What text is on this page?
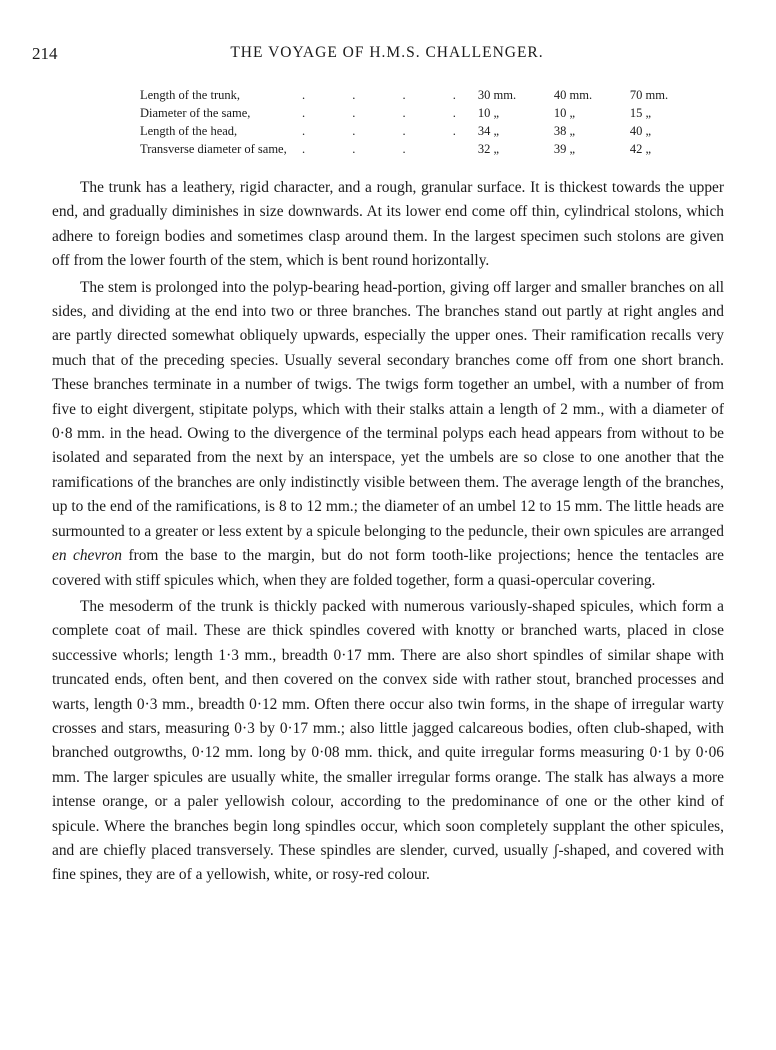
214	THE VOYAGE OF H.M.S. CHALLENGER.
Length of the trunk,	. . . .	30 mm.	40 mm.	70 mm.
Diameter of the same,	. . . .	10 „	10 „	15 „
Length of the head,	. . . .	34 „	38 „	40 „
Transverse diameter of same,	. . .	32 „	39 „	42 „

The trunk has a leathery, rigid character, and a rough, granular surface. It is thickest towards the upper end, and gradually diminishes in size downwards. At its lower end come off thin, cylindrical stolons, which adhere to foreign bodies and sometimes clasp around them. In the largest specimen such stolons are given off from the lower fourth of the stem, which is bent round horizontally.

The stem is prolonged into the polyp-bearing head-portion, giving off larger and smaller branches on all sides, and dividing at the end into two or three branches. The branches stand out partly at right angles and are partly directed somewhat obliquely upwards, especially the upper ones. Their ramification recalls very much that of the preceding species. Usually several secondary branches come off from one short branch. These branches terminate in a number of twigs. The twigs form together an umbel, with a number of from five to eight divergent, stipitate polyps, which with their stalks attain a length of 2 mm., with a diameter of 0·8 mm. in the head. Owing to the divergence of the terminal polyps each head appears from without to be isolated and separated from the next by an interspace, yet the umbels are so close to one another that the ramifications of the branches are only indistinctly visible between them. The average length of the branches, up to the end of the ramifications, is 8 to 12 mm.; the diameter of an umbel 12 to 15 mm. The little heads are surmounted to a greater or less extent by a spicule belonging to the peduncle, their own spicules are arranged en chevron from the base to the margin, but do not form tooth-like projections; hence the tentacles are covered with stiff spicules which, when they are folded together, form a quasi-opercular covering.

The mesoderm of the trunk is thickly packed with numerous variously-shaped spicules, which form a complete coat of mail. These are thick spindles covered with knotty or branched warts, placed in close successive whorls; length 1·3 mm., breadth 0·17 mm. There are also short spindles of similar shape with truncated ends, often bent, and then covered on the convex side with rather stout, branched processes and warts, length 0·3 mm., breadth 0·12 mm. Often there occur also twin forms, in the shape of irregular warty crosses and stars, measuring 0·3 by 0·17 mm.; also little jagged calcareous bodies, often club-shaped, with branched outgrowths, 0·12 mm. long by 0·08 mm. thick, and quite irregular forms measuring 0·1 by 0·06 mm. The larger spicules are usually white, the smaller irregular forms orange. The stalk has always a more intense orange, or a paler yellowish colour, according to the predominance of one or the other kind of spicule. Where the branches begin long spindles occur, which soon completely supplant the other spicules, and are chiefly placed transversely. These spindles are slender, curved, usually ʃ-shaped, and covered with fine spines, they are of a yellowish, white, or rosy-red colour.
